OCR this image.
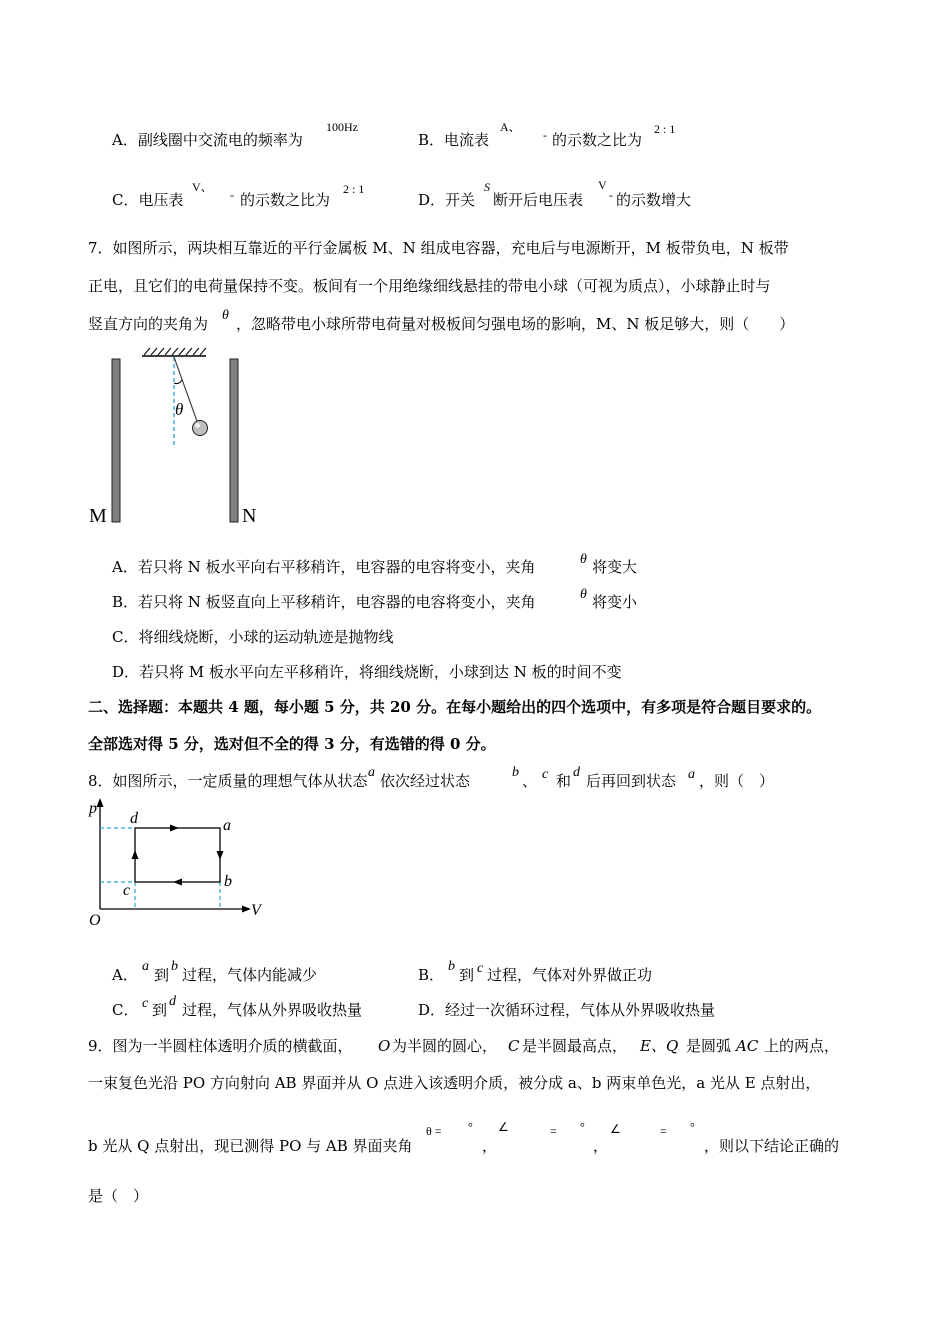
A．副线圈中交流电的频率为
100Hz
B．电流表
A、
- 的示数之比为
2 : 1
C．电压表
V、
- 的示数之比为
2 : 1
D．开关
S
断开后电压表
V
- 的示数增大
7．如图所示，两块相互靠近的平行金属板 M、N 组成电容器，充电后与电源断开，M 板带负电，N 板带
正电，且它们的电荷量保持不变。板间有一个用绝缘细线悬挂的带电小球（可视为质点），小球静止时与
竖直方向的夹角为 θ ，忽略带电小球所带电荷量对极板间匀强电场的影响，M、N 板足够大，则（　　）
θ
M	N
A．若只将 N 板水平向右平移稍许，电容器的电容将变小，夹角	θ 将变大
B．若只将 N 板竖直向上平移稍许，电容器的电容将变小，夹角	θ 将变小
C．将细线烧断，小球的运动轨迹是抛物线
D．若只将 M 板水平向左平移稍许，将细线烧断，小球到达 N 板的时间不变
二、选择题：本题共 4 题，每小题 5 分，共 20 分。在每小题给出的四个选项中，有多项是符合题目要求的。
全部选对得 5 分，选对但不全的得 3 分，有选错的得 0 分。
8．如图所示，一定质量的理想气体从状态 a 依次经过状态	b 、 c 和 d 后再回到状态 a ，则（　）
p
V
O
d	a
b
c
A． a 到 b 过程，气体内能减少	B． b 到 c 过程，气体对外界做正功
C． c 到 d 过程，气体从外界吸收热量	D．经过一次循环过程，气体从外界吸收热量
9．图为一半圆柱体透明介质的横截面， O 为半圆的圆心， C 是半圆最高点， E、Q 是圆弧 AC 上的两点，
一束复色光沿 PO 方向射向 AB 界面并从 O 点进入该透明介质，被分成 a、b 两束单色光，a 光从 E 点射出，
b 光从 Q 点射出，现已测得 PO 与 AB 界面夹角
θ = °
，
∠	= °
，
∠	= °
，则以下结论正确的
是（　）
